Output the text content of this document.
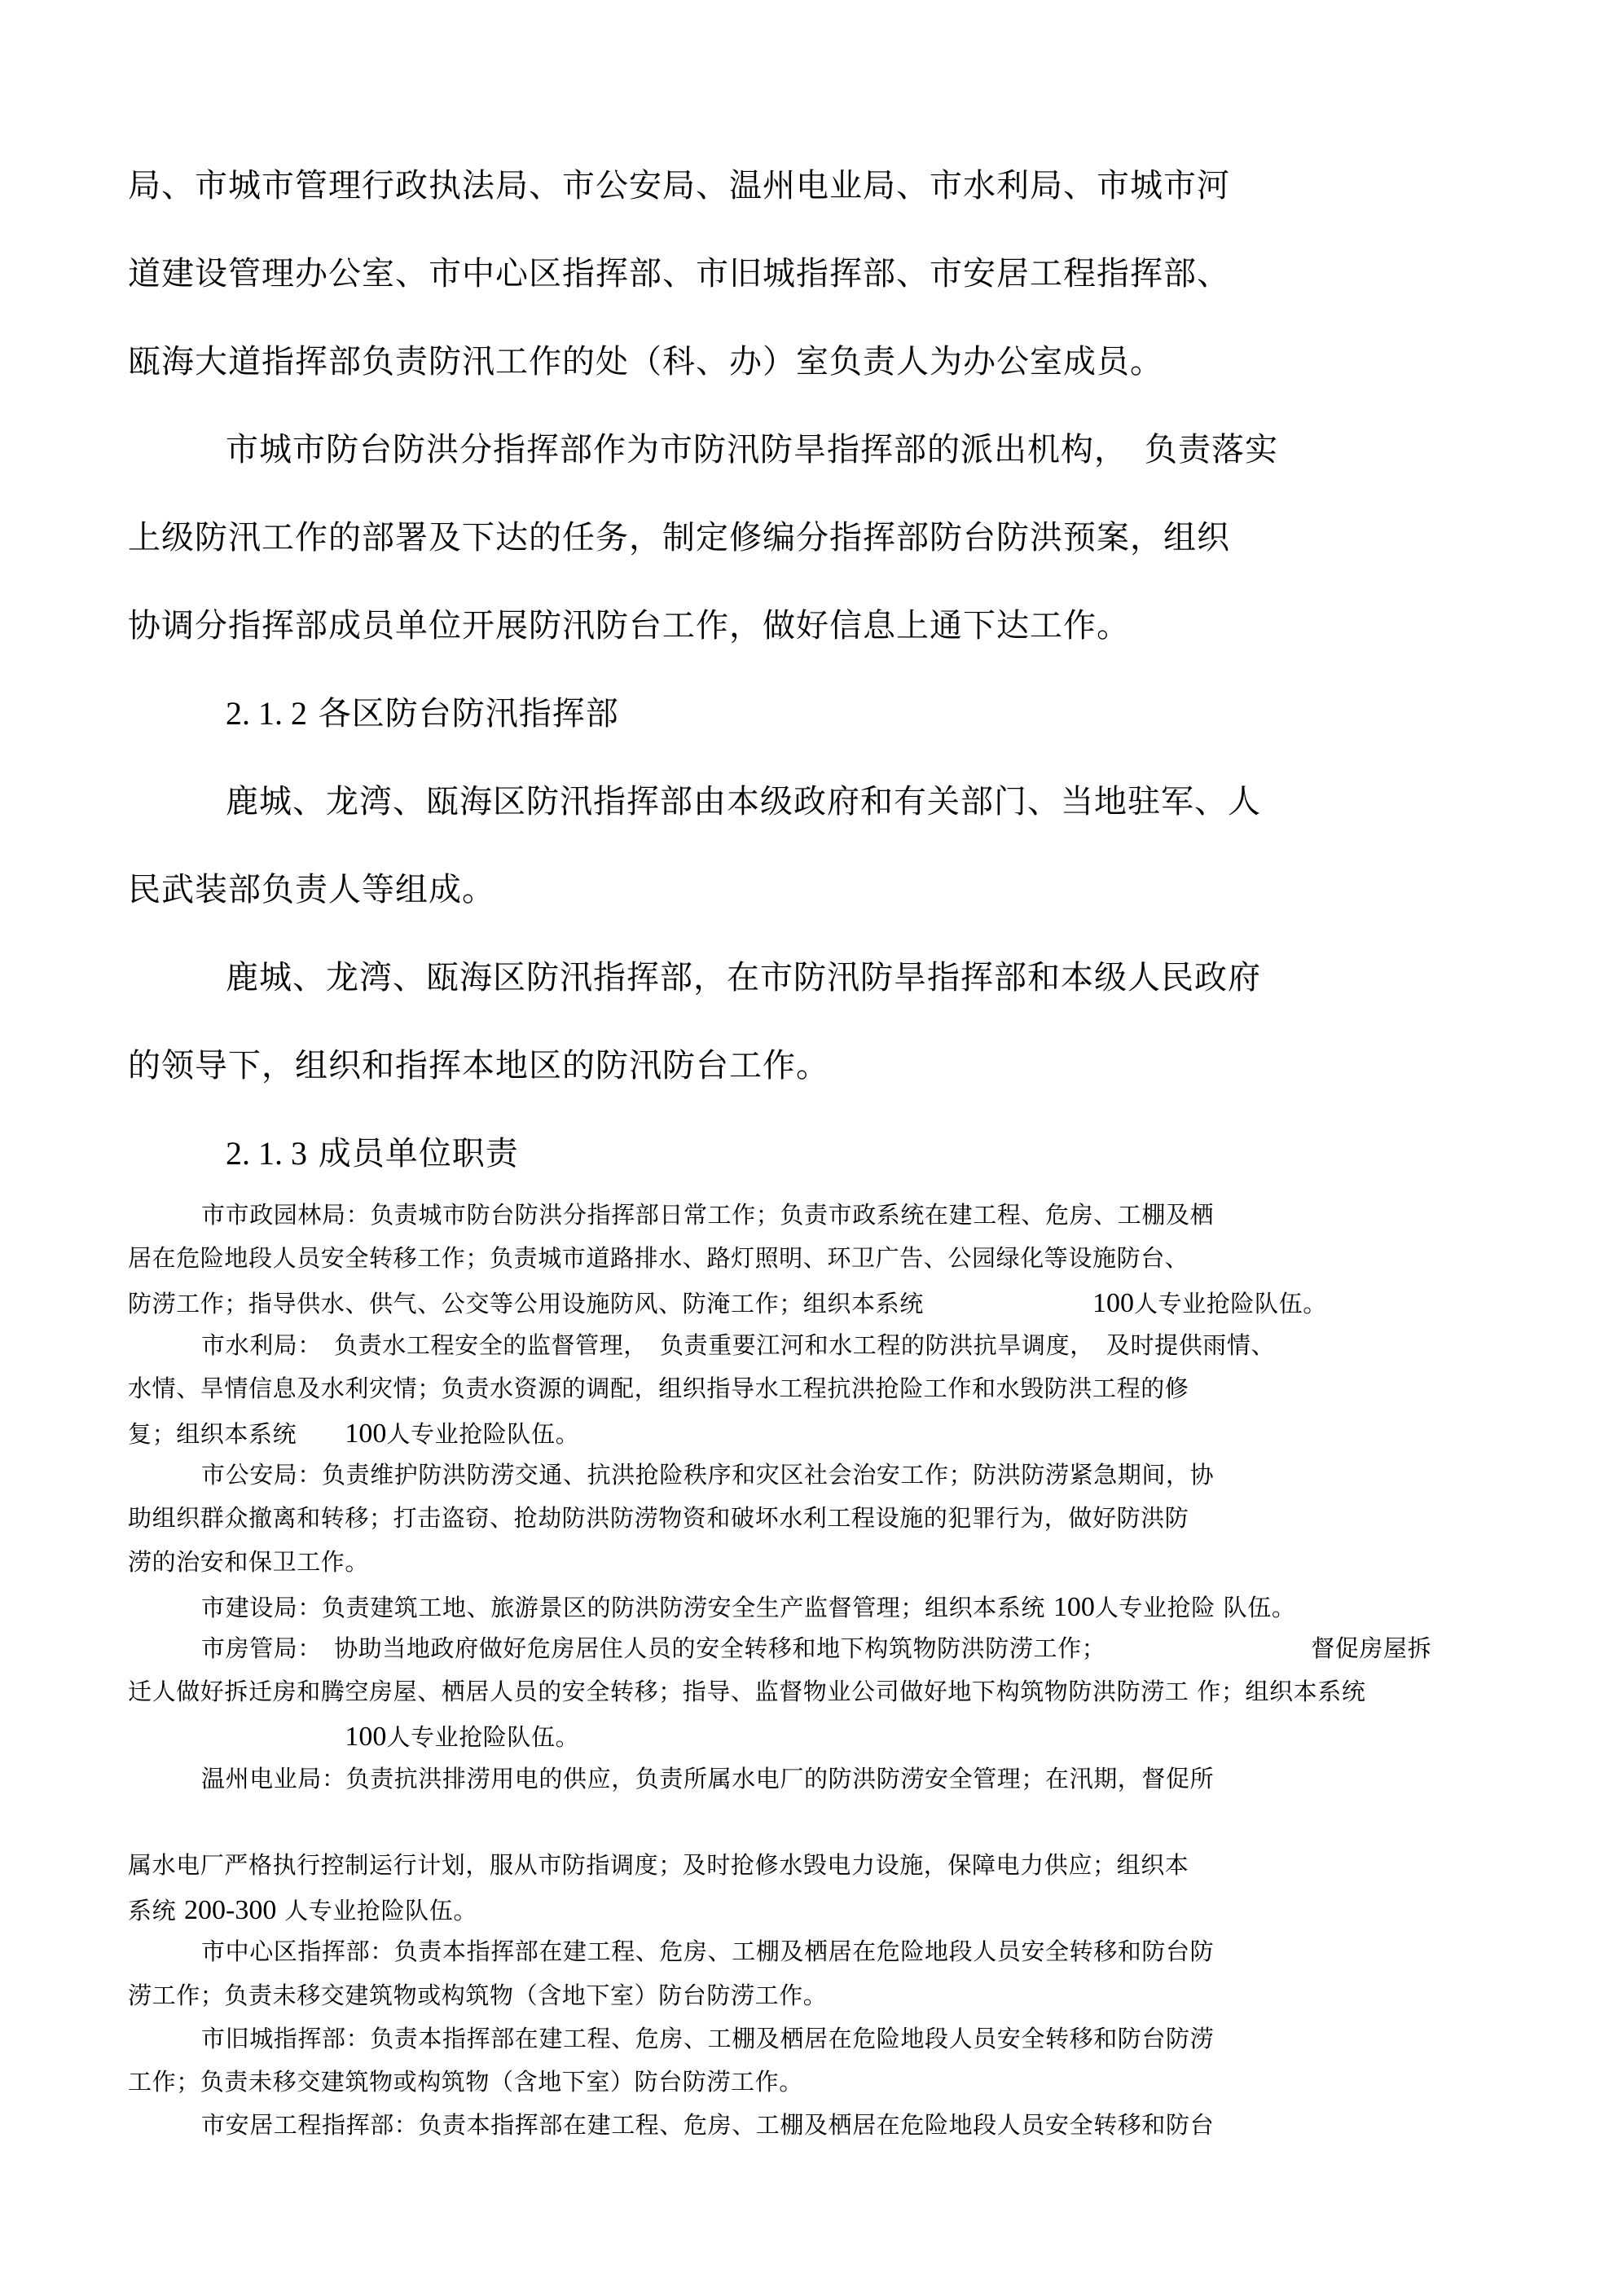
局、市城市管理行政执法局、市公安局、温州电业局、市水利局、市城市河
道建设管理办公室、市中心区指挥部、市旧城指挥部、市安居工程指挥部、
瓯海大道指挥部负责防汛工作的处（科、办）室负责人为办公室成员。
市城市防台防洪分指挥部作为市防汛防旱指挥部的派出机构，　负责落实
上级防汛工作的部署及下达的任务，制定修编分指挥部防台防洪预案，组织
协调分指挥部成员单位开展防汛防台工作，做好信息上通下达工作。
2. 1. 2 各区防台防汛指挥部
鹿城、龙湾、瓯海区防汛指挥部由本级政府和有关部门、当地驻军、人
民武装部负责人等组成。
鹿城、龙湾、瓯海区防汛指挥部，在市防汛防旱指挥部和本级人民政府
的领导下，组织和指挥本地区的防汛防台工作。
2. 1. 3 成员单位职责
市市政园林局：负责城市防台防洪分指挥部日常工作；负责市政系统在建工程、危房、工棚及栖
居在危险地段人员安全转移工作；负责城市道路排水、路灯照明、环卫广告、公园绿化等设施防台、
防涝工作；指导供水、供气、公交等公用设施防风、防淹工作；组织本系统　　　　　　　100人专业抢险队伍。
市水利局：　负责水工程安全的监督管理，　负责重要江河和水工程的防洪抗旱调度，　及时提供雨情、
水情、旱情信息及水利灾情；负责水资源的调配，组织指导水工程抗洪抢险工作和水毁防洪工程的修
复；组织本系统　　100人专业抢险队伍。
市公安局：负责维护防洪防涝交通、抗洪抢险秩序和灾区社会治安工作；防洪防涝紧急期间，协
助组织群众撤离和转移；打击盗窃、抢劫防洪防涝物资和破坏水利工程设施的犯罪行为，做好防洪防
涝的治安和保卫工作。
市建设局：负责建筑工地、旅游景区的防洪防涝安全生产监督管理；组织本系统 100人专业抢险 队伍。
市房管局：　协助当地政府做好危房居住人员的安全转移和地下构筑物防洪防涝工作；　　　　　　　　　督促房屋拆
迁人做好拆迁房和腾空房屋、栖居人员的安全转移；指导、监督物业公司做好地下构筑物防洪防涝工 作；组织本系统
　　　　　　　　　100人专业抢险队伍。
温州电业局：负责抗洪排涝用电的供应，负责所属水电厂的防洪防涝安全管理；在汛期，督促所
属水电厂严格执行控制运行计划，服从市防指调度；及时抢修水毁电力设施，保障电力供应；组织本
系统 200-300 人专业抢险队伍。
市中心区指挥部：负责本指挥部在建工程、危房、工棚及栖居在危险地段人员安全转移和防台防
涝工作；负责未移交建筑物或构筑物（含地下室）防台防涝工作。
市旧城指挥部：负责本指挥部在建工程、危房、工棚及栖居在危险地段人员安全转移和防台防涝
工作；负责未移交建筑物或构筑物（含地下室）防台防涝工作。
市安居工程指挥部：负责本指挥部在建工程、危房、工棚及栖居在危险地段人员安全转移和防台
